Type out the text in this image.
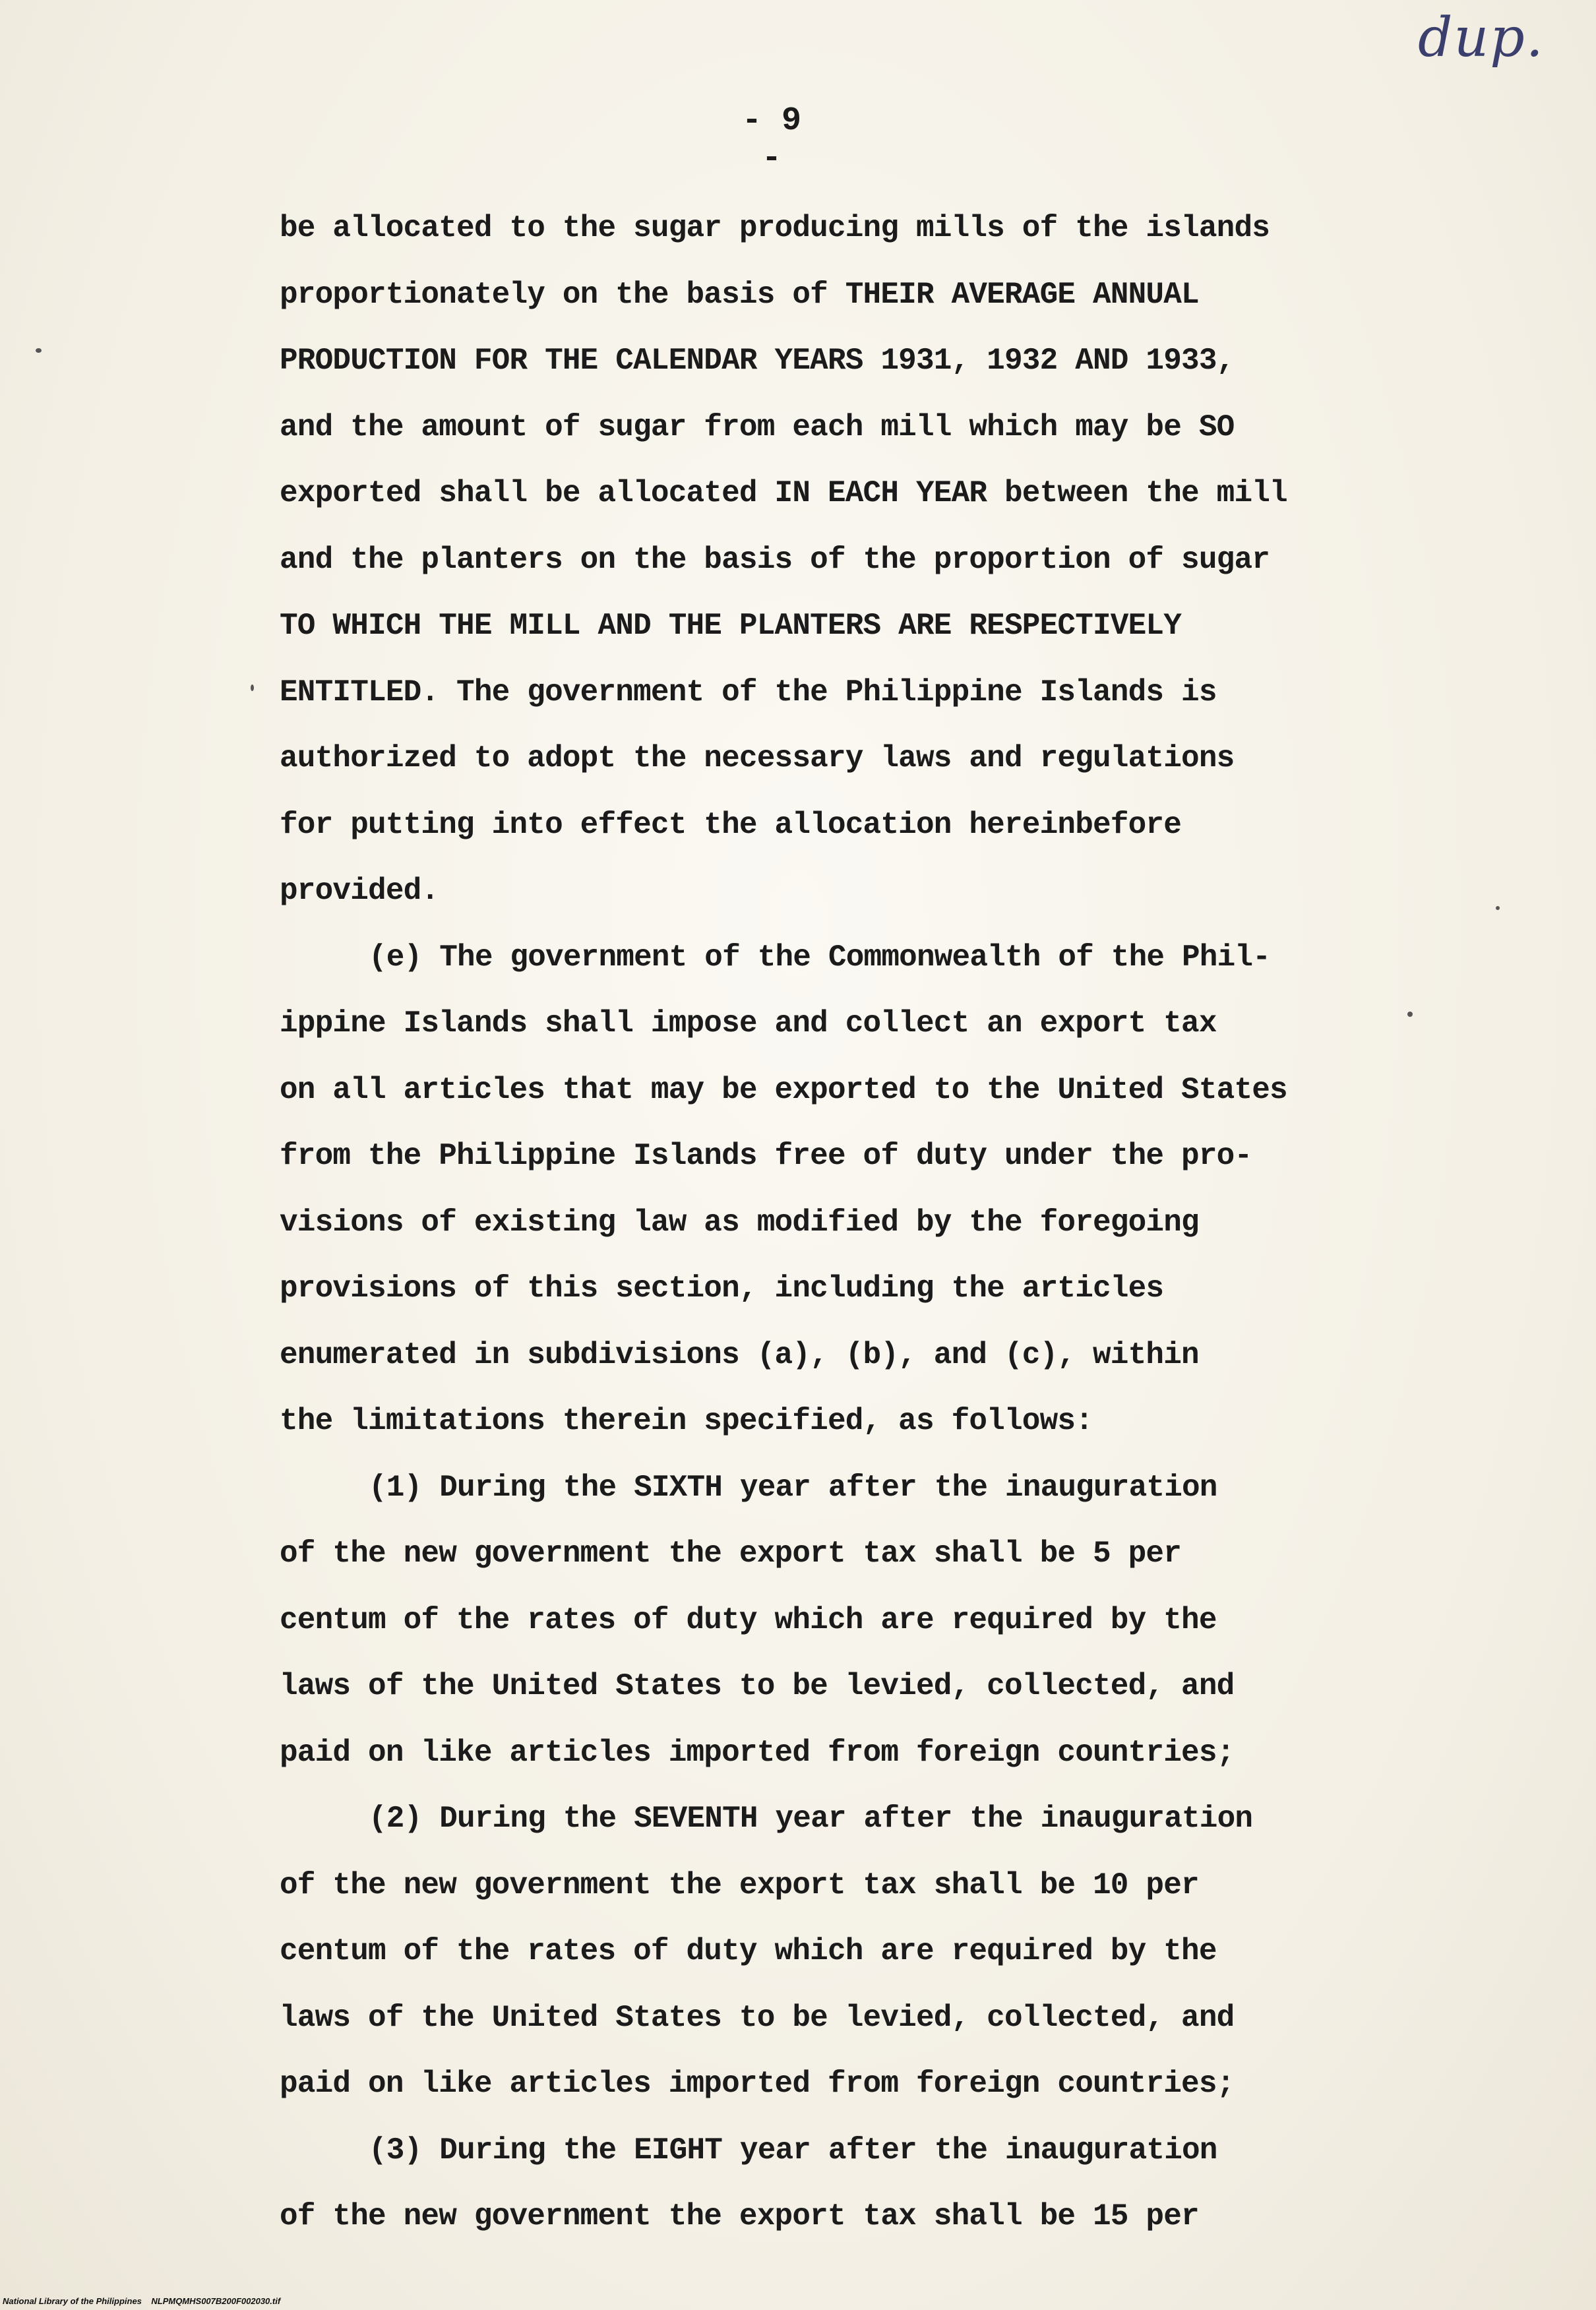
dup.
- 9 -
be allocated to the sugar producing mills of the islands
proportionately on the basis of THEIR AVERAGE ANNUAL
PRODUCTION FOR THE CALENDAR YEARS 1931, 1932 AND 1933,
and the amount of sugar from each mill which may be SO
exported shall be allocated IN EACH YEAR between the mill
and the planters on the basis of the proportion of sugar
TO WHICH THE MILL AND THE PLANTERS ARE RESPECTIVELY
ENTITLED. The government of the Philippine Islands is
authorized to adopt the necessary laws and regulations
for putting into effect the allocation hereinbefore
provided.
(e) The government of the Commonwealth of the Phil-
ippine Islands shall impose and collect an export tax
on all articles that may be exported to the United States
from the Philippine Islands free of duty under the pro-
visions of existing law as modified by the foregoing
provisions of this section, including the articles
enumerated in subdivisions (a), (b), and (c), within
the limitations therein specified, as follows:
(1) During the SIXTH year after the inauguration
of the new government the export tax shall be 5 per
centum of the rates of duty which are required by the
laws of the United States to be levied, collected, and
paid on like articles imported from foreign countries;
(2) During the SEVENTH year after the inauguration
of the new government the export tax shall be 10 per
centum of the rates of duty which are required by the
laws of the United States to be levied, collected, and
paid on like articles imported from foreign countries;
(3) During the EIGHT year after the inauguration
of the new government the export tax shall be 15 per
National Library of the Philippines    NLPMQMHS007B200F002030.tif
